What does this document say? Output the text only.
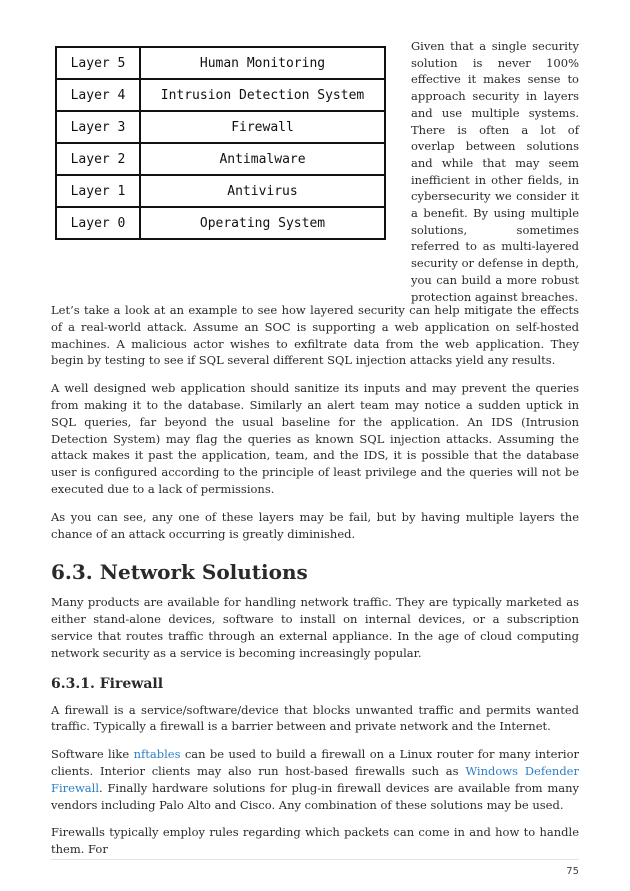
Layer 5	Human Monitoring
Layer 4	Intrusion Detection System
Layer 3	Firewall
Layer 2	Antimalware
Layer 1	Antivirus
Layer 0	Operating System

Given that a single security solution is never 100% effective it makes sense to approach security in layers and use multiple systems. There is often a lot of overlap between solutions and while that may seem inefficient in other fields, in cybersecurity we consider it a benefit. By using multiple solutions, sometimes referred to as multi-layered security or defense in depth, you can build a more robust protection against breaches.

Let’s take a look at an example to see how layered security can help mitigate the effects of a real-world attack. Assume an SOC is supporting a web application on self-hosted machines. A malicious actor wishes to exfiltrate data from the web application. They begin by testing to see if SQL several different SQL injection attacks yield any results.

A well designed web application should sanitize its inputs and may prevent the queries from making it to the database. Similarly an alert team may notice a sudden uptick in SQL queries, far beyond the usual baseline for the application. An IDS (Intrusion Detection System) may flag the queries as known SQL injection attacks. Assuming the attack makes it past the application, team, and the IDS, it is possible that the database user is configured according to the principle of least privilege and the queries will not be executed due to a lack of permissions.

As you can see, any one of these layers may be fail, but by having multiple layers the chance of an attack occurring is greatly diminished.

6.3. Network Solutions

Many products are available for handling network traffic. They are typically marketed as either stand-alone devices, software to install on internal devices, or a subscription service that routes traffic through an external appliance. In the age of cloud computing network security as a service is becoming increasingly popular.

6.3.1. Firewall

A firewall is a service/software/device that blocks unwanted traffic and permits wanted traffic. Typically a firewall is a barrier between and private network and the Internet.

Software like nftables can be used to build a firewall on a Linux router for many interior clients. Interior clients may also run host-based firewalls such as Windows Defender Firewall. Finally hardware solutions for plug-in firewall devices are available from many vendors including Palo Alto and Cisco. Any combination of these solutions may be used.

Firewalls typically employ rules regarding which packets can come in and how to handle them. For

75
